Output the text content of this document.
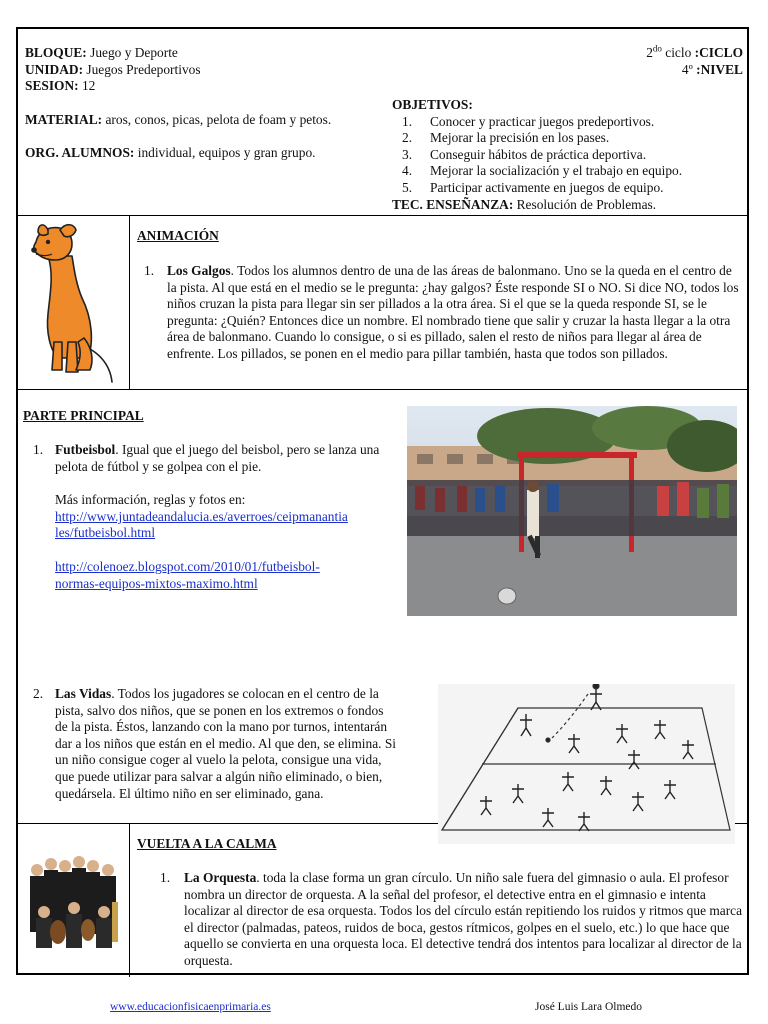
BLOQUE: Juego y Deporte
UNIDAD: Juegos Predeportivos
SESION: 12
MATERIAL: aros, conos, picas, pelota de foam y petos.
ORG. ALUMNOS: individual, equipos y gran grupo.
$2^{do}$ ciclo :CICLO
4º :NIVEL
OBJETIVOS:
1. Conocer y practicar juegos predeportivos.
2. Mejorar la precisión en los pases.
3. Conseguir hábitos de práctica deportiva.
4. Mejorar la socialización y el trabajo en equipo.
5. Participar activamente en juegos de equipo.
TEC. ENSEÑANZA: Resolución de Problemas.
ANIMACIÓN
1. Los Galgos. Todos los alumnos dentro de una de las áreas de balonmano. Uno se la queda en el centro de la pista. Al que está en el medio se le pregunta: ¿hay galgos? Éste responde SI o NO. Si dice NO, todos los niños cruzan la pista para llegar sin ser pillados a la otra área. Si el que se la queda responde SI, se le pregunta: ¿Quién? Entonces dice un nombre. El nombrado tiene que salir y cruzar la hasta llegar a la otra área de balonmano. Cuando lo consigue, o si es pillado, salen el resto de niños para llegar al área de enfrente. Los pillados, se ponen en el medio para pillar también, hasta que todos son pillados.
PARTE PRINCIPAL
1. Futbeisbol. Igual que el juego del beisbol, pero se lanza una pelota de fútbol y se golpea con el pie.
Más información, reglas y fotos en:
http://www.juntadeandalucia.es/averroes/ceipmanantia
les/futbeisbol.html
http://colenoez.blogspot.com/2010/01/futbeisbol-
normas-equipos-mixtos-maximo.html
2. Las Vidas. Todos los jugadores se colocan en el centro de la pista, salvo dos niños, que se ponen en los extremos o fondos de la pista. Éstos, lanzando con la mano por turnos, intentarán dar a los niños que están en el medio. Al que den, se elimina. Si un niño consigue coger al vuelo la pelota, consigue una vida, que puede utilizar para salvar a algún niño eliminado, o bien, quedársela. El último niño en ser eliminado, gana.
VUELTA A LA CALMA
1. La Orquesta. toda la clase forma un gran círculo. Un niño sale fuera del gimnasio o aula. El profesor nombra un director de orquesta. A la señal del profesor, el detective entra en el gimnasio e intenta localizar al director de esa orquesta. Todos los del círculo están repitiendo los ruidos y ritmos que marca el director (palmadas, pateos, ruidos de boca, gestos rítmicos, golpes en el suelo, etc.) lo que hace que aquello se convierta en una orquesta loca. El detective tendrá dos intentos para localizar al director de la orquesta.
www.educacionfisicaenprimaria.es	José Luis Lara Olmedo
